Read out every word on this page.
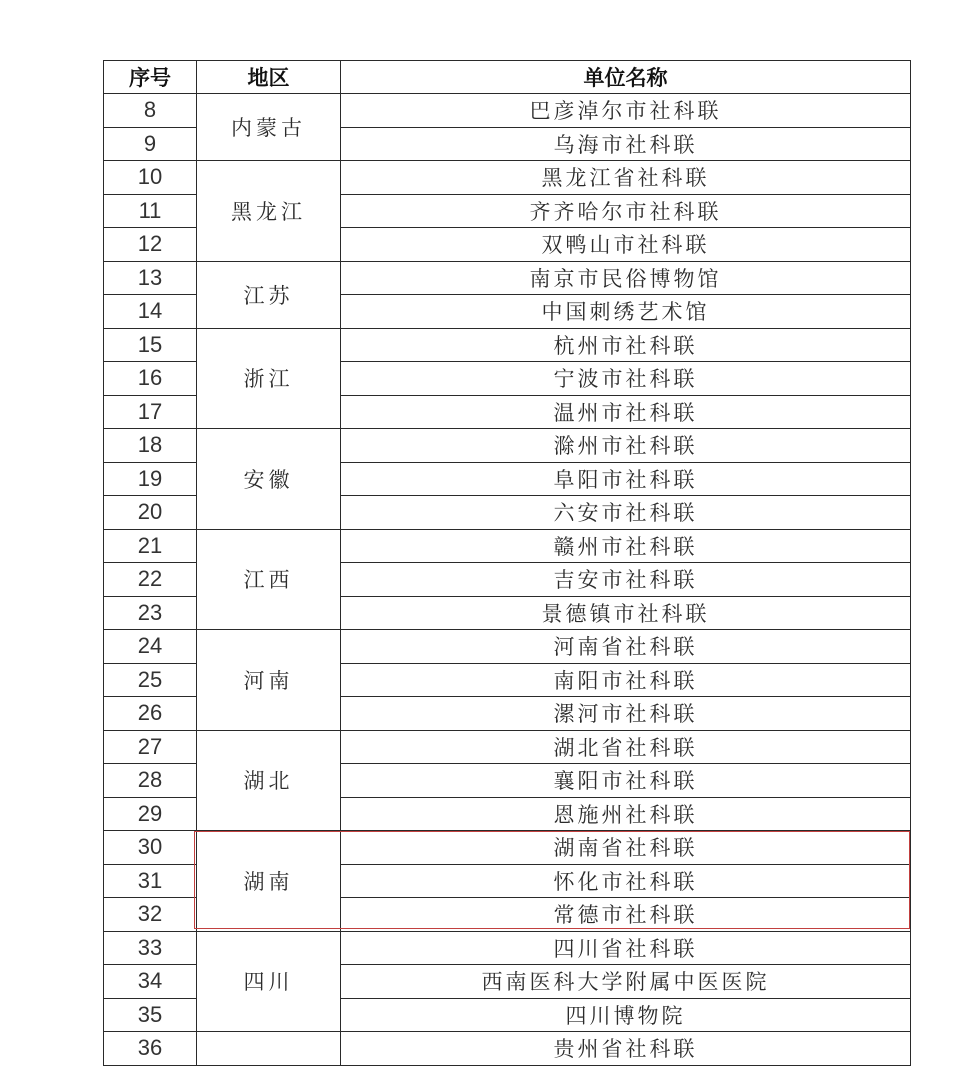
序号	地区	单位名称
8	内蒙古	巴彦淖尔市社科联
9		乌海市社科联
10	黑龙江	黑龙江省社科联
11		齐齐哈尔市社科联
12		双鸭山市社科联
13	江苏	南京市民俗博物馆
14		中国刺绣艺术馆
15	浙江	杭州市社科联
16		宁波市社科联
17		温州市社科联
18	安徽	滁州市社科联
19		阜阳市社科联
20		六安市社科联
21	江西	赣州市社科联
22		吉安市社科联
23		景德镇市社科联
24	河南	河南省社科联
25		南阳市社科联
26		漯河市社科联
27	湖北	湖北省社科联
28		襄阳市社科联
29		恩施州社科联
30	湖南	湖南省社科联
31		怀化市社科联
32		常德市社科联
33	四川	四川省社科联
34		西南医科大学附属中医医院
35		四川博物院
36		贵州省社科联
